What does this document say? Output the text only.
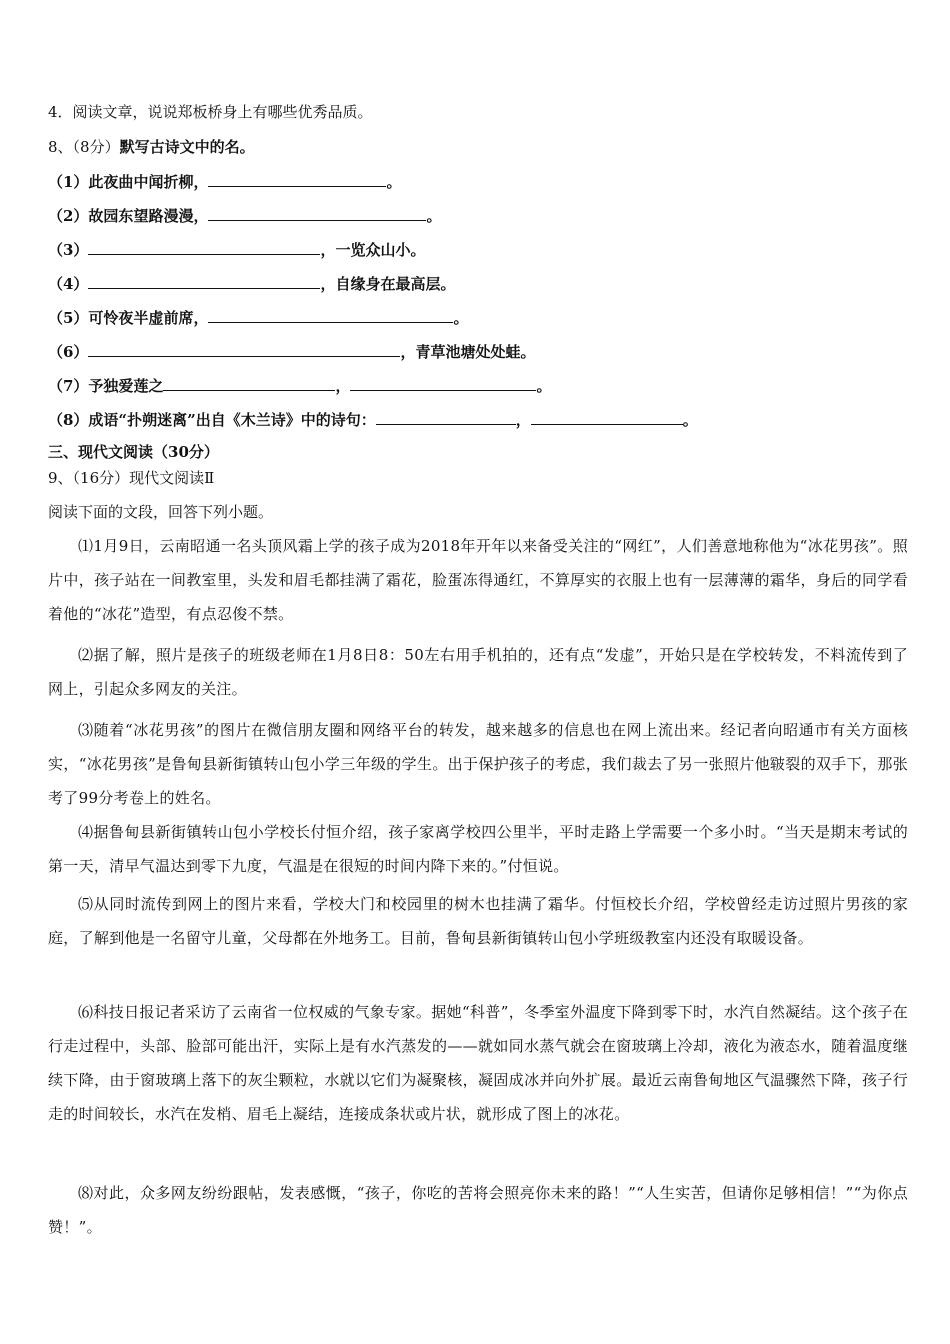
4．阅读文章，说说郑板桥身上有哪些优秀品质。
8、（8分）默写古诗文中的名。
（1）此夜曲中闻折柳，	。
（2）故园东望路漫漫，	。
（3）	，一览众山小。
（4）	，自缘身在最高层。
（5）可怜夜半虚前席，	。
（6）	，青草池塘处处蛙。
（7）予独爱莲之	，	。
（8）成语“扑朔迷离”出自《木兰诗》中的诗句：	，	。
三、现代文阅读（30分）
9、（16分）现代文阅读Ⅱ
阅读下面的文段，回答下列小题。
⑴1月9日，云南昭通一名头顶风霜上学的孩子成为2018年开年以来备受关注的“网红”，人们善意地称他为“冰花男孩”。照片中，孩子站在一间教室里，头发和眉毛都挂满了霜花，脸蛋冻得通红，不算厚实的衣服上也有一层薄薄的霜华，身后的同学看着他的“冰花”造型，有点忍俊不禁。
⑵据了解，照片是孩子的班级老师在1月8日8：50左右用手机拍的，还有点“发虚”，开始只是在学校转发，不料流传到了网上，引起众多网友的关注。
⑶随着“冰花男孩”的图片在微信朋友圈和网络平台的转发，越来越多的信息也在网上流出来。经记者向昭通市有关方面核实，“冰花男孩”是鲁甸县新街镇转山包小学三年级的学生。出于保护孩子的考虑，我们裁去了另一张照片他皲裂的双手下，那张考了99分考卷上的姓名。
⑷据鲁甸县新街镇转山包小学校长付恒介绍，孩子家离学校四公里半，平时走路上学需要一个多小时。“当天是期末考试的第一天，清早气温达到零下九度，气温是在很短的时间内降下来的。”付恒说。
⑸从同时流传到网上的图片来看，学校大门和校园里的树木也挂满了霜华。付恒校长介绍，学校曾经走访过照片男孩的家庭，了解到他是一名留守儿童，父母都在外地务工。目前，鲁甸县新街镇转山包小学班级教室内还没有取暖设备。
⑹科技日报记者采访了云南省一位权威的气象专家。据她“科普”，冬季室外温度下降到零下时，水汽自然凝结。这个孩子在行走过程中，头部、脸部可能出汗，实际上是有水汽蒸发的——就如同水蒸气就会在窗玻璃上冷却，液化为液态水，随着温度继续下降，由于窗玻璃上落下的灰尘颗粒，水就以它们为凝聚核，凝固成冰并向外扩展。最近云南鲁甸地区气温骤然下降，孩子行走的时间较长，水汽在发梢、眉毛上凝结，连接成条状或片状，就形成了图上的冰花。
⑻对此，众多网友纷纷跟帖，发表感慨，“孩子，你吃的苦将会照亮你未来的路！”“人生实苦，但请你足够相信！”“为你点赞！”。
